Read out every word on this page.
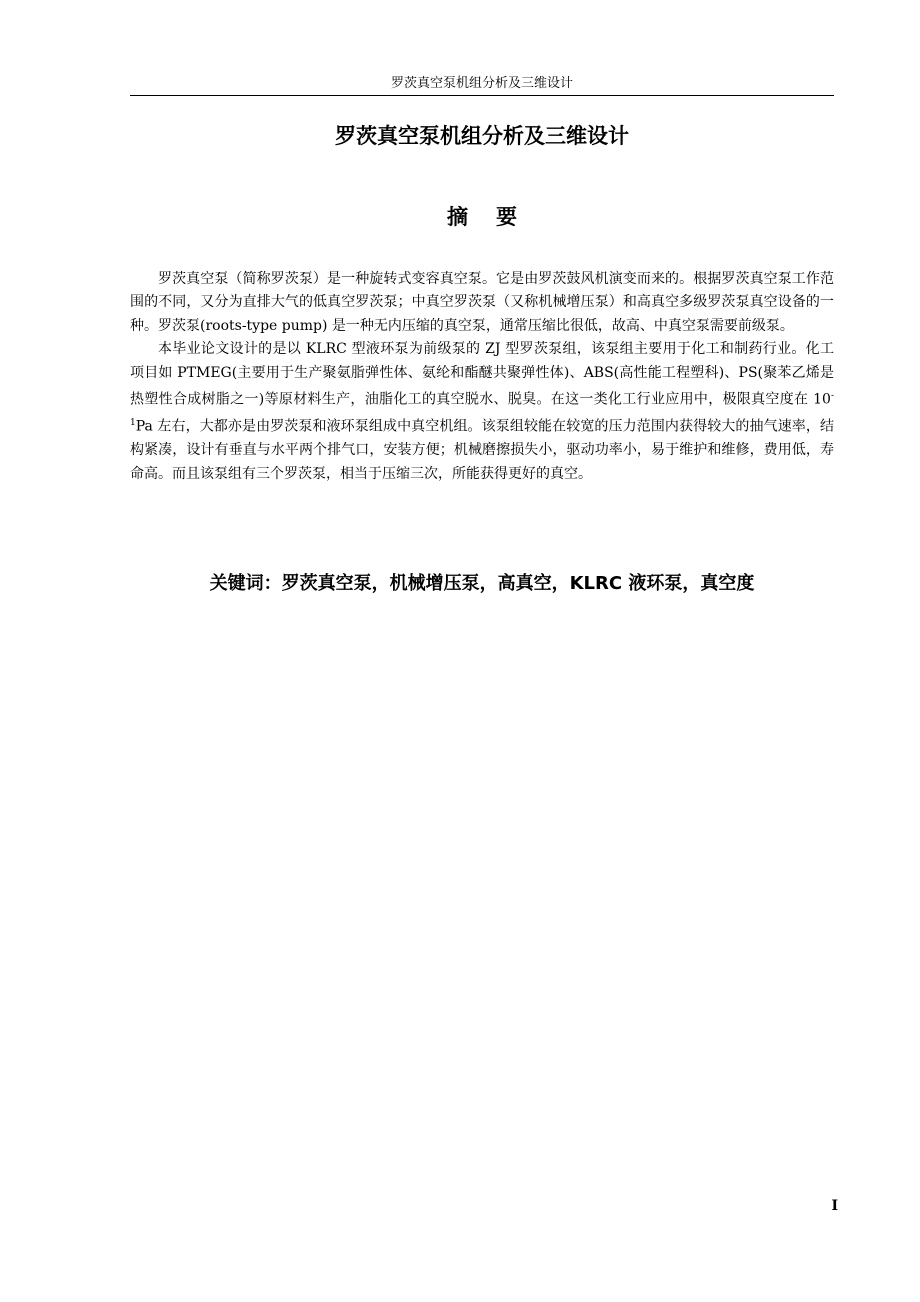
罗茨真空泵机组分析及三维设计
罗茨真空泵机组分析及三维设计
摘要

罗茨真空泵（简称罗茨泵）是一种旋转式变容真空泵。它是由罗茨鼓风机演变而来的。根据罗茨真空泵工作范围的不同，又分为直排大气的低真空罗茨泵；中真空罗茨泵（又称机械增压泵）和高真空多级罗茨泵真空设备的一种。罗茨泵(roots-type pump) 是一种无内压缩的真空泵，通常压缩比很低，故高、中真空泵需要前级泵。

本毕业论文设计的是以 KLRC 型液环泵为前级泵的 ZJ 型罗茨泵组，该泵组主要用于化工和制药行业。化工项目如 PTMEG(主要用于生产聚氨脂弹性体、氨纶和酯醚共聚弹性体)、ABS(高性能工程塑科)、PS(聚苯乙烯是热塑性合成树脂之一)等原材料生产，油脂化工的真空脱水、脱臭。在这一类化工行业应用中，极限真空度在 $10^{-1}Pa$ 左右，大都亦是由罗茨泵和液环泵组成中真空机组。该泵组较能在较宽的压力范围内获得较大的抽气速率，结构紧凑，设计有垂直与水平两个排气口，安装方便；机械磨擦损失小，驱动功率小，易于维护和维修，费用低，寿命高。而且该泵组有三个罗茨泵，相当于压缩三次，所能获得更好的真空。

关键词：罗茨真空泵，机械增压泵，高真空，KLRC 液环泵，真空度
I
